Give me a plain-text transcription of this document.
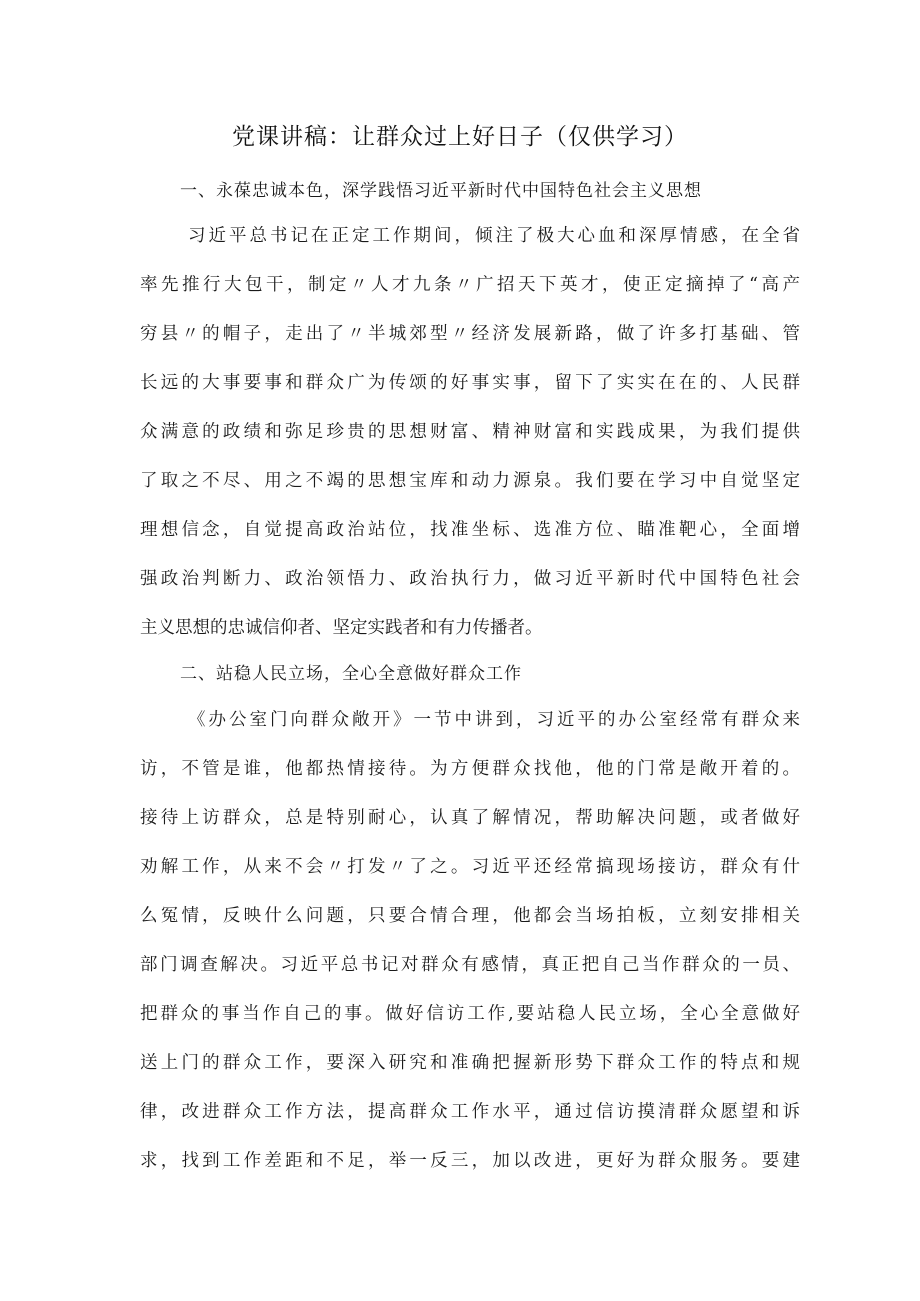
党课讲稿：让群众过上好日子（仅供学习）
一、永葆忠诚本色，深学践悟习近平新时代中国特色社会主义思想
习近平总书记在正定工作期间，倾注了极大心血和深厚情感，在全省
率先推行大包干，制定〃人才九条〃广招天下英才，使正定摘掉了“高产
穷县〃的帽子，走出了〃半城郊型〃经济发展新路，做了许多打基础、管
长远的大事要事和群众广为传颂的好事实事，留下了实实在在的、人民群
众满意的政绩和弥足珍贵的思想财富、精神财富和实践成果，为我们提供
了取之不尽、用之不竭的思想宝库和动力源泉。我们要在学习中自觉坚定
理想信念，自觉提高政治站位，找准坐标、选准方位、瞄准靶心，全面增
强政治判断力、政治领悟力、政治执行力，做习近平新时代中国特色社会
主义思想的忠诚信仰者、坚定实践者和有力传播者。
二、站稳人民立场，全心全意做好群众工作
《办公室门向群众敞开》一节中讲到，习近平的办公室经常有群众来
访，不管是谁，他都热情接待。为方便群众找他，他的门常是敞开着的。
接待上访群众，总是特别耐心，认真了解情况，帮助解决问题，或者做好
劝解工作，从来不会〃打发〃了之。习近平还经常搞现场接访，群众有什
么冤情，反映什么问题，只要合情合理，他都会当场拍板，立刻安排相关
部门调查解决。习近平总书记对群众有感情，真正把自己当作群众的一员、
把群众的事当作自己的事。做好信访工作,要站稳人民立场，全心全意做好
送上门的群众工作，要深入研究和准确把握新形势下群众工作的特点和规
律，改进群众工作方法，提高群众工作水平，通过信访摸清群众愿望和诉
求，找到工作差距和不足，举一反三，加以改进，更好为群众服务。要建
